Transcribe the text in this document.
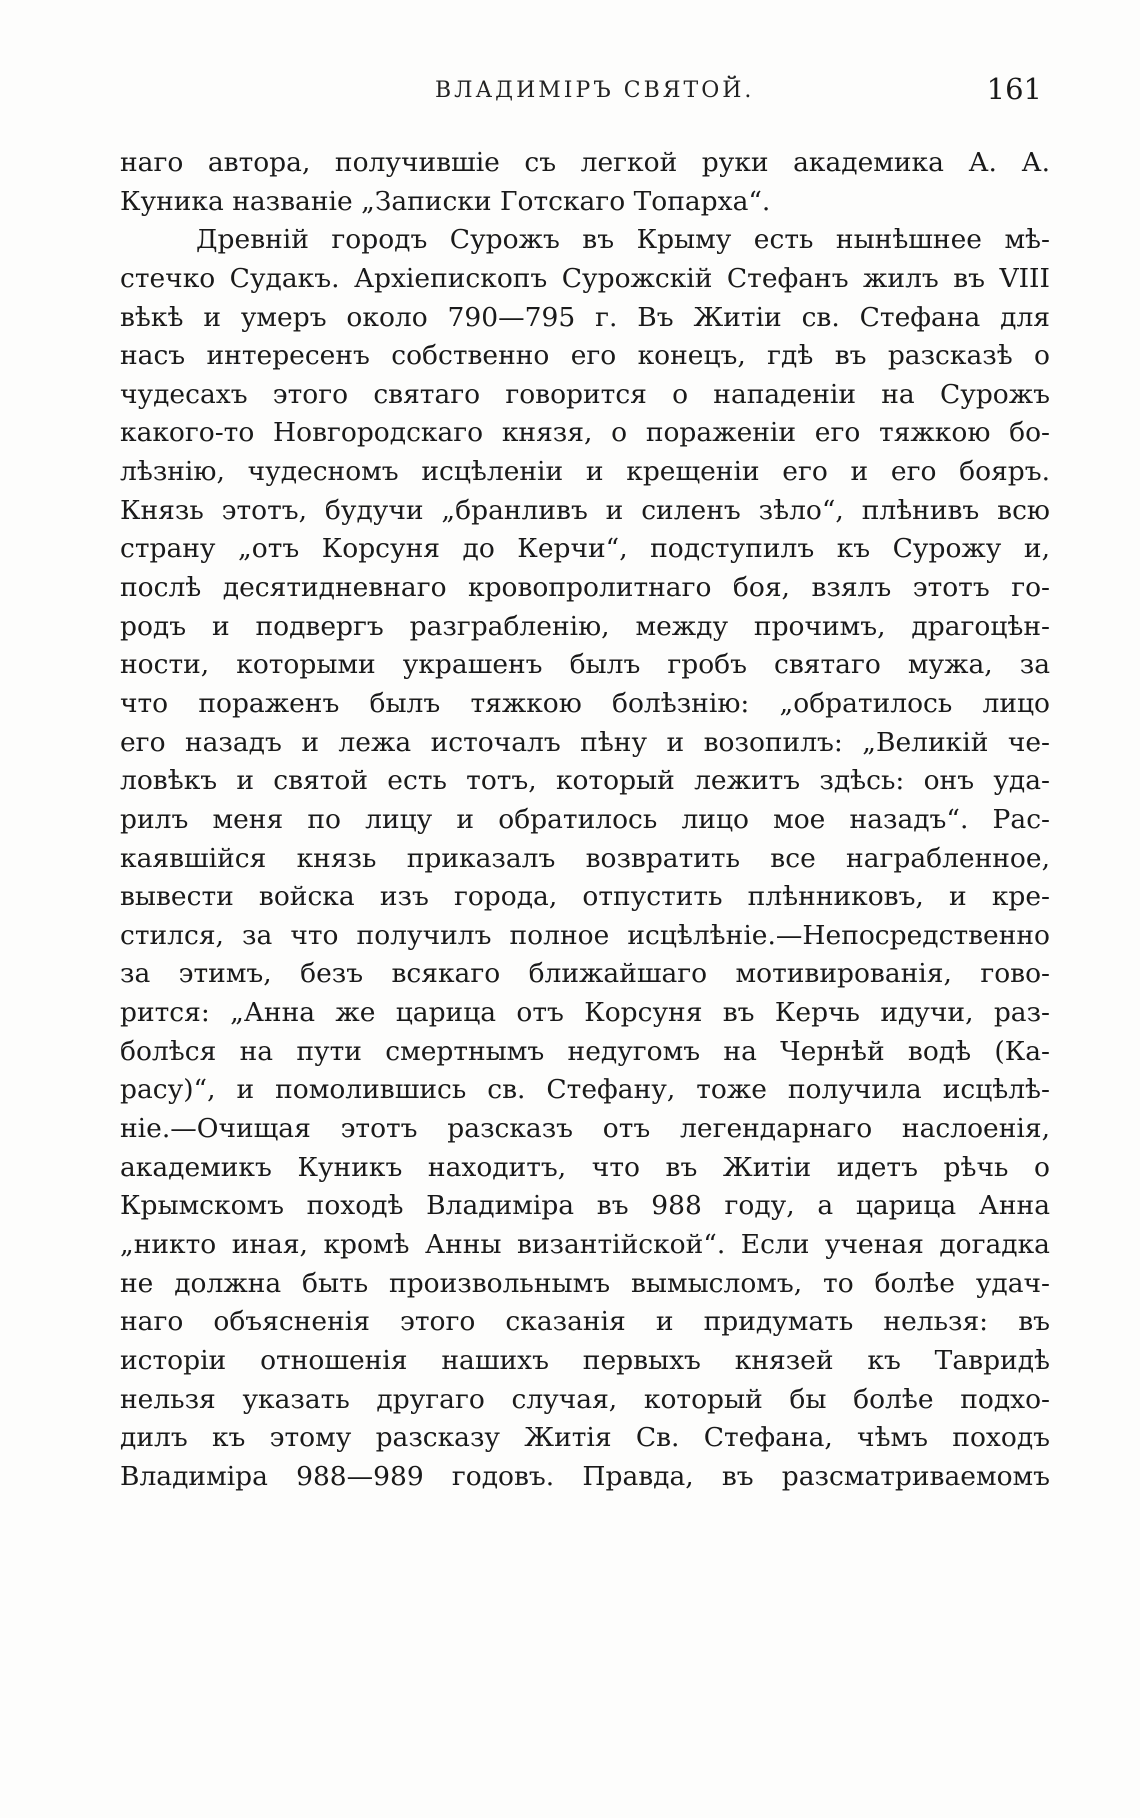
ВЛАДИМІРЪ СВЯТОЙ.	161
наго автора, получившіе съ легкой руки академика А. А.
Куника названіе „Записки Готскаго Топарха“.
Древній городъ Сурожъ въ Крыму есть нынѣшнее мѣ-
стечко Судакъ. Архіепископъ Сурожскій Стефанъ жилъ въ VIII
вѣкѣ и умеръ около 790—795 г. Въ Житіи св. Стефана для
насъ интересенъ собственно его конецъ, гдѣ въ разсказѣ о
чудесахъ этого святаго говорится о нападеніи на Сурожъ
какого-то Новгородскаго князя, о пораженіи его тяжкою бо-
лѣзнію, чудесномъ исцѣленіи и крещеніи его и его бояръ.
Князь этотъ, будучи „бранливъ и силенъ зѣло“, плѣнивъ всю
страну „отъ Корсуня до Керчи“, подступилъ къ Сурожу и,
послѣ десятидневнаго кровопролитнаго боя, взялъ этотъ го-
родъ и подвергъ разграбленію, между прочимъ, драгоцѣн-
ности, которыми украшенъ былъ гробъ святаго мужа, за
что пораженъ былъ тяжкою болѣзнію: „обратилось лицо
его назадъ и лежа источалъ пѣну и возопилъ: „Великій че-
ловѣкъ и святой есть тотъ, который лежитъ здѣсь: онъ уда-
рилъ меня по лицу и обратилось лицо мое назадъ“. Рас-
каявшійся князь приказалъ возвратить все награбленное,
вывести войска изъ города, отпустить плѣнниковъ, и кре-
стился, за что получилъ полное исцѣлѣніе.—Непосредственно
за этимъ, безъ всякаго ближайшаго мотивированія, гово-
рится: „Анна же царица отъ Корсуня въ Керчь идучи, раз-
болѣся на пути смертнымъ недугомъ на Чернѣй водѣ (Ка-
расу)“, и помолившись св. Стефану, тоже получила исцѣлѣ-
ніе.—Очищая этотъ разсказъ отъ легендарнаго наслоенія,
академикъ Куникъ находитъ, что въ Житіи идетъ рѣчь о
Крымскомъ походѣ Владиміра въ 988 году, а царица Анна
„никто иная, кромѣ Анны византійской“. Если ученая догадка
не должна быть произвольнымъ вымысломъ, то болѣе удач-
наго объясненія этого сказанія и придумать нельзя: въ
исторіи отношенія нашихъ первыхъ князей къ Тавридѣ
нельзя указать другаго случая, который бы болѣе подхо-
дилъ къ этому разсказу Житія Св. Стефана, чѣмъ походъ
Владиміра 988—989 годовъ. Правда, въ разсматриваемомъ
